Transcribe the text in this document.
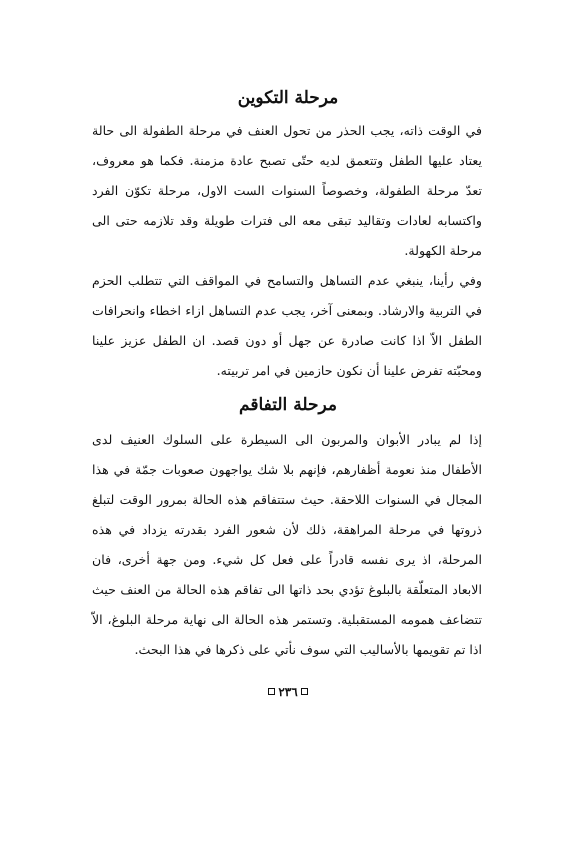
مرحلة التكوين

في الوقت ذاته، يجب الحذر من تحول العنف في مرحلة الطفولة الى حالة يعتاد عليها الطفل وتتعمق لديه حتّى تصبح عادة مزمنة. فكما هو معروف، تعدّ مرحلة الطفولة، وخصوصاً السنوات الست الاول، مرحلة تكوّن الفرد واكتسابه لعادات وتقاليد تبقى معه الى فترات طويلة وقد تلازمه حتى الى مرحلة الكهولة.

وفي رأينا، ينبغي عدم التساهل والتسامح في المواقف التي تتطلب الحزم في التربية والارشاد. وبمعنى آخر، يجب عدم التساهل ازاء اخطاء وانحرافات الطفل الاّ اذا كانت صادرة عن جهل أو دون قصد. ان الطفل عزيز علينا ومحبّته تفرض علينا أن نكون حازمين في امر تربيته.

مرحلة التفاقم

إذا لم يبادر الأبوان والمربون الى السيطرة على السلوك العنيف لدى الأطفال منذ نعومة أظفارهم، فإنهم بلا شك يواجهون صعوبات جمّة في هذا المجال في السنوات اللاحقة. حيث ستتفاقم هذه الحالة بمرور الوقت لتبلغ ذروتها في مرحلة المراهقة، ذلك لأن شعور الفرد بقدرته يزداد في هذه المرحلة، اذ يرى نفسه قادراً على فعل كل شيء. ومن جهة أخرى، فان الابعاد المتعلّقة بالبلوغ تؤدي بحد ذاتها الى تفاقم هذه الحالة من العنف حيث تتضاعف همومه المستقبلية. وتستمر هذه الحالة الى نهاية مرحلة البلوغ، الاّ اذا تم تقويمها بالأساليب التي سوف نأتي على ذكرها في هذا البحث.

٢٣٦
